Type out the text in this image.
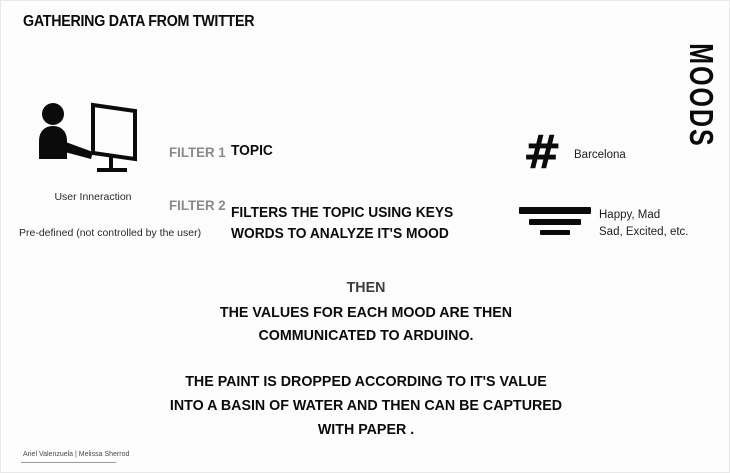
GATHERING DATA FROM TWITTER
MOODS
User Inneraction
Pre-defined (not controlled by the user)
FILTER 1 TOPIC
FILTER 2 FILTERS THE TOPIC USING KEYS
WORDS TO ANALYZE IT'S MOOD
# Barcelona
Happy, Mad
Sad, Excited, etc.
THEN
THE VALUES FOR EACH MOOD ARE THEN
COMMUNICATED TO ARDUINO.
THE PAINT IS DROPPED ACCORDING TO IT'S VALUE
INTO A BASIN OF WATER AND THEN CAN BE CAPTURED
WITH PAPER .
Ariel Valenzuela | Melissa Sherrod
